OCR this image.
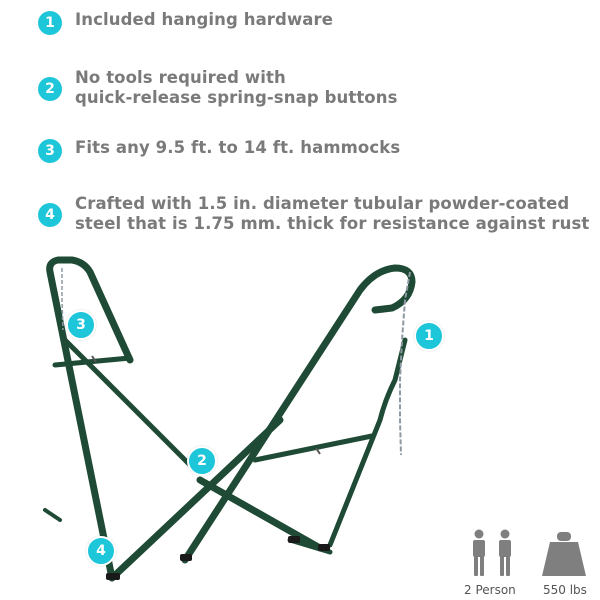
1	Included hanging hardware
2
No tools required with
quick-release spring-snap buttons
3	Fits any 9.5 ft. to 14 ft. hammocks
4
Crafted with 1.5 in. diameter tubular powder-coated
steel that is 1.75 mm. thick for resistance against rust
1
2
3
4
2 Person 550 lbs
